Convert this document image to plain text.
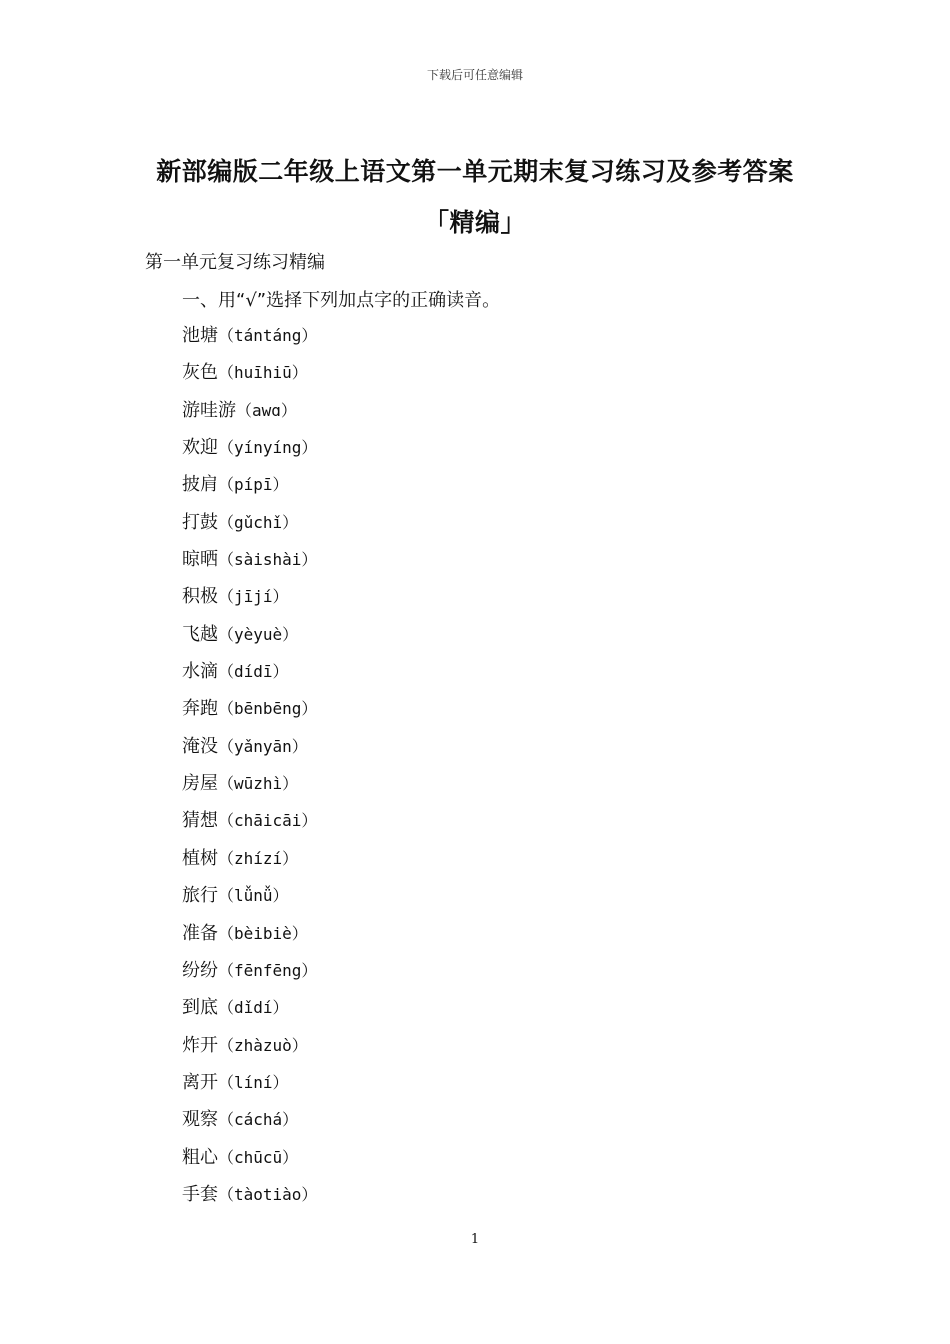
下载后可任意编辑
新部编版二年级上语文第一单元期末复习练习及参考答案
「精编」
第一单元复习练习精编
一、用“√”选择下列加点字的正确读音。
池塘（tántáng）
灰色（huīhiū）
游哇游（awɑ）
欢迎（yínyíng）
披肩（pípī）
打鼓（gǔchǐ）
晾晒（sàishài）
积极（jījí）
飞越（yèyuè）
水滴（dídī）
奔跑（bēnbēng）
淹没（yǎnyān）
房屋（wūzhì）
猜想（chāicāi）
植树（zhízí）
旅行（lǚnǚ）
准备（bèibiè）
纷纷（fēnfēng）
到底（dǐdí）
炸开（zhàzuò）
离开（líní）
观察（cáchá）
粗心（chūcū）
手套（tàotiào）
1
